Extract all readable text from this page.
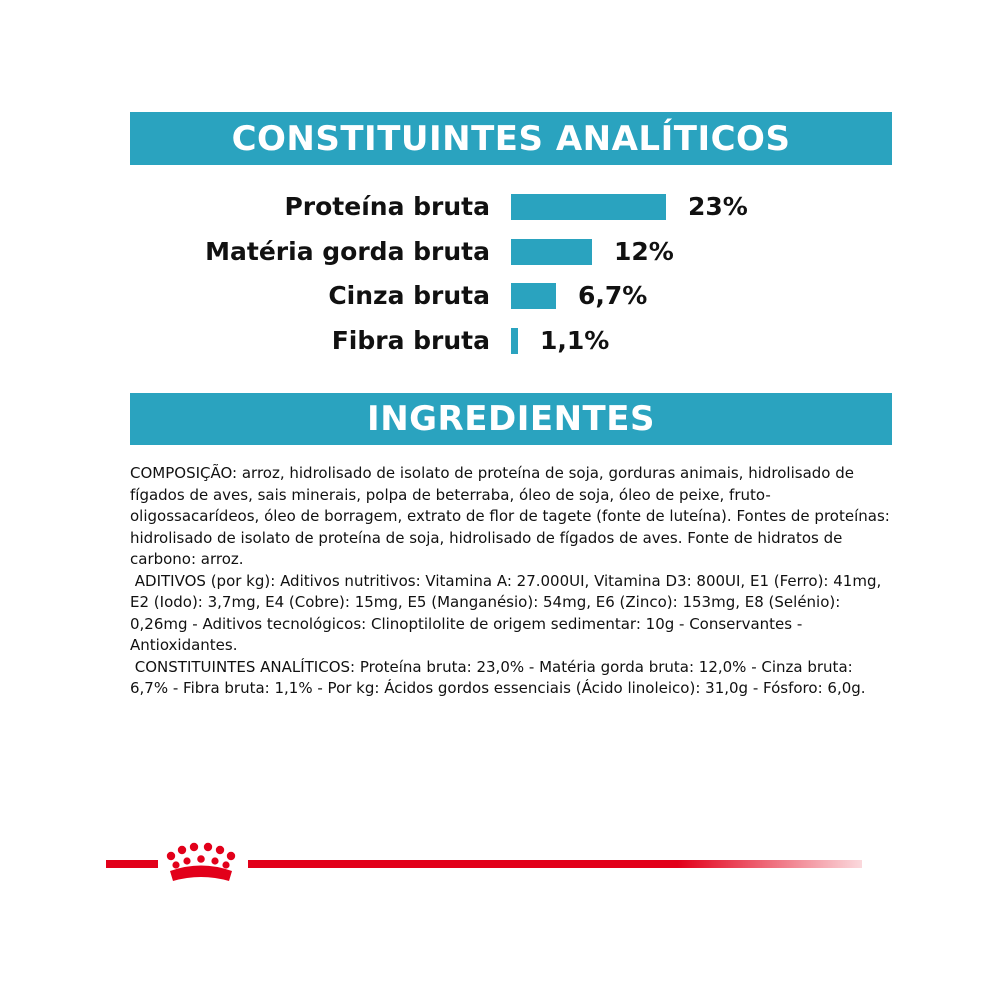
CONSTITUINTES ANALÍTICOS
Proteína bruta	23%
Matéria gorda bruta	12%
Cinza bruta	6,7%
Fibra bruta 1,1%
INGREDIENTES

COMPOSIÇÃO: arroz, hidrolisado de isolato de proteína de soja, gorduras animais, hidrolisado de fígados de aves, sais minerais, polpa de beterraba, óleo de soja, óleo de peixe, fruto-oligossacarídeos, óleo de borragem, extrato de flor de tagete (fonte de luteína). Fontes de proteínas: hidrolisado de isolato de proteína de soja, hidrolisado de fígados de aves. Fonte de hidratos de carbono: arroz.

ADITIVOS (por kg): Aditivos nutritivos: Vitamina A: 27.000UI, Vitamina D3: 800UI, E1 (Ferro): 41mg, E2 (Iodo): 3,7mg, E4 (Cobre): 15mg, E5 (Manganésio): 54mg, E6 (Zinco): 153mg, E8 (Selénio): 0,26mg - Aditivos tecnológicos: Clinoptilolite de origem sedimentar: 10g - Conservantes - Antioxidantes.

CONSTITUINTES ANALÍTICOS: Proteína bruta: 23,0% - Matéria gorda bruta: 12,0% - Cinza bruta: 6,7% - Fibra bruta: 1,1% - Por kg: Ácidos gordos essenciais (Ácido linoleico): 31,0g - Fósforo: 6,0g.
